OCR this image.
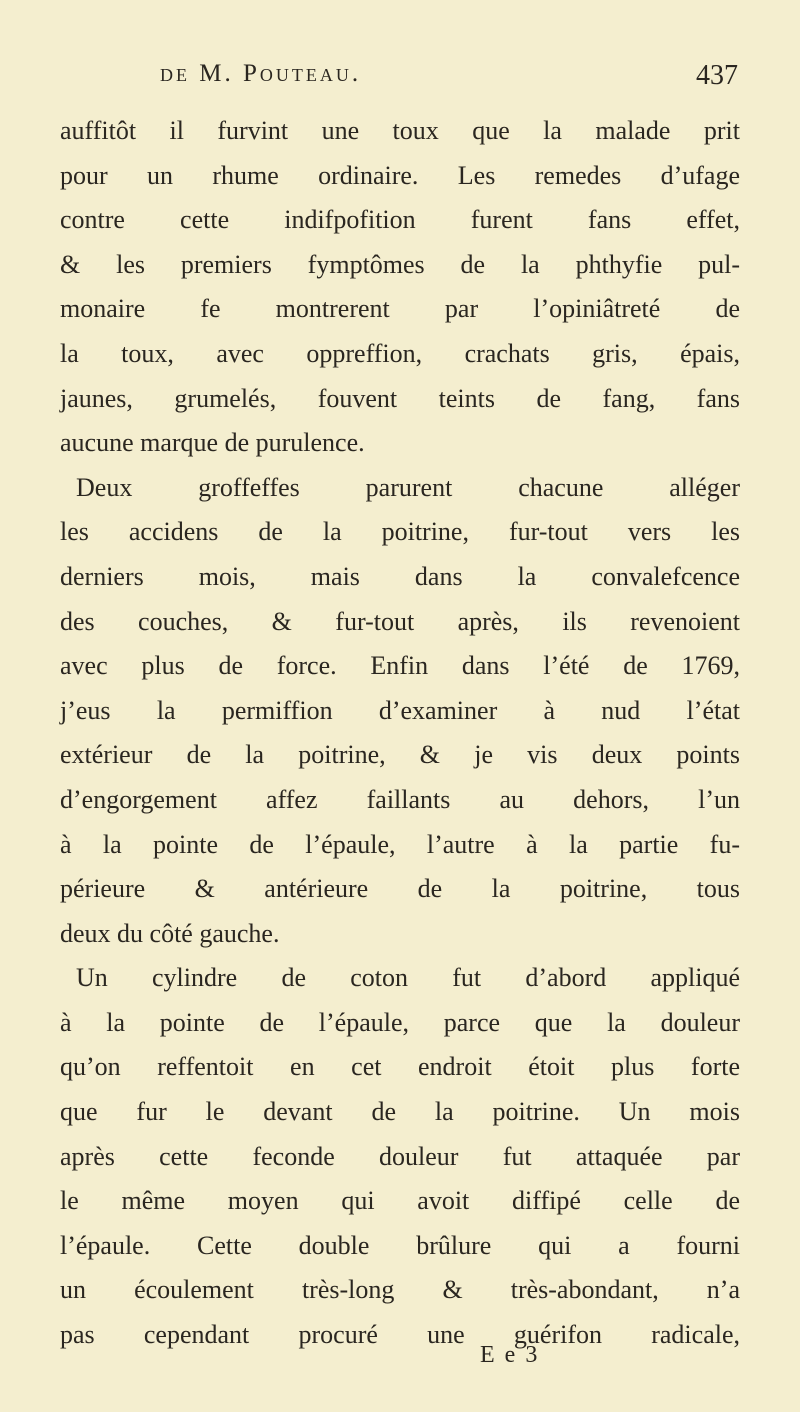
de M. Pouteau.	437
auffitôt il furvint une toux que la malade prit
pour un rhume ordinaire. Les remedes d’ufage
contre cette indifpofition furent fans effet,
& les premiers fymptômes de la phthyfie pul-
monaire fe montrerent par l’opiniâtreté de
la toux, avec oppreffion, crachats gris, épais,
jaunes, grumelés, fouvent teints de fang, fans
aucune marque de purulence.
Deux groffeffes parurent chacune alléger
les accidens de la poitrine, fur-tout vers les
derniers mois, mais dans la convalefcence
des couches, & fur-tout après, ils revenoient
avec plus de force. Enfin dans l’été de 1769,
j’eus la permiffion d’examiner à nud l’état
extérieur de la poitrine, & je vis deux points
d’engorgement affez faillants au dehors, l’un
à la pointe de l’épaule, l’autre à la partie fu-
périeure & antérieure de la poitrine, tous
deux du côté gauche.
Un cylindre de coton fut d’abord appliqué
à la pointe de l’épaule, parce que la douleur
qu’on reffentoit en cet endroit étoit plus forte
que fur le devant de la poitrine. Un mois
après cette feconde douleur fut attaquée par
le même moyen qui avoit diffipé celle de
l’épaule. Cette double brûlure qui a fourni
un écoulement très-long & très-abondant, n’a
pas cependant procuré une guérifon radicale,
E e 3
